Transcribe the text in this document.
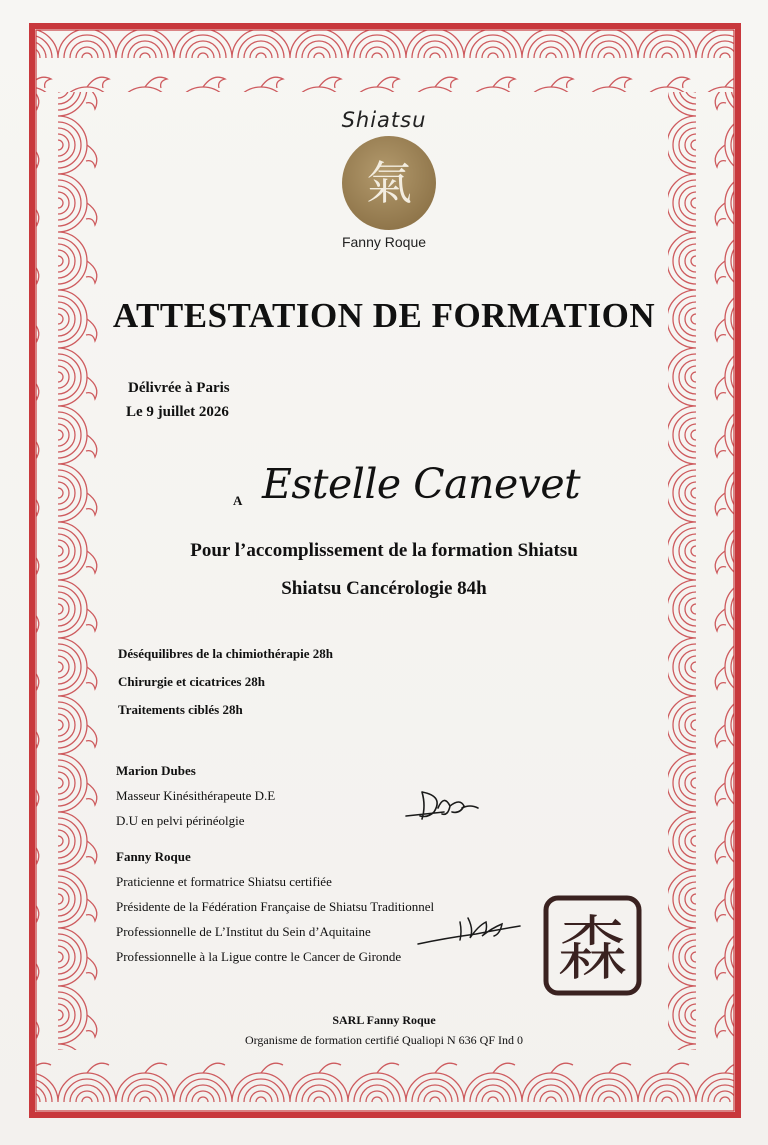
Shiatsu
氣
Fanny Roque
ATTESTATION DE FORMATION
Délivrée à Paris
Le 9 juillet 2026
A Estelle Canevet
Pour l’accomplissement de la formation Shiatsu
Shiatsu Cancérologie 84h
Déséquilibres de la chimiothérapie 28h
Chirurgie et cicatrices 28h
Traitements ciblés 28h
Marion Dubes
Masseur Kinésithérapeute D.E
D.U en pelvi périnéolgie
Fanny Roque
Praticienne et formatrice Shiatsu certifiée
Présidente de la Fédération Française de Shiatsu Traditionnel
Professionnelle de L’Institut du Sein d’Aquitaine
Professionnelle à la Ligue contre le Cancer de Gironde	森
SARL Fanny Roque
Organisme de formation certifié Qualiopi N 636 QF Ind 0
